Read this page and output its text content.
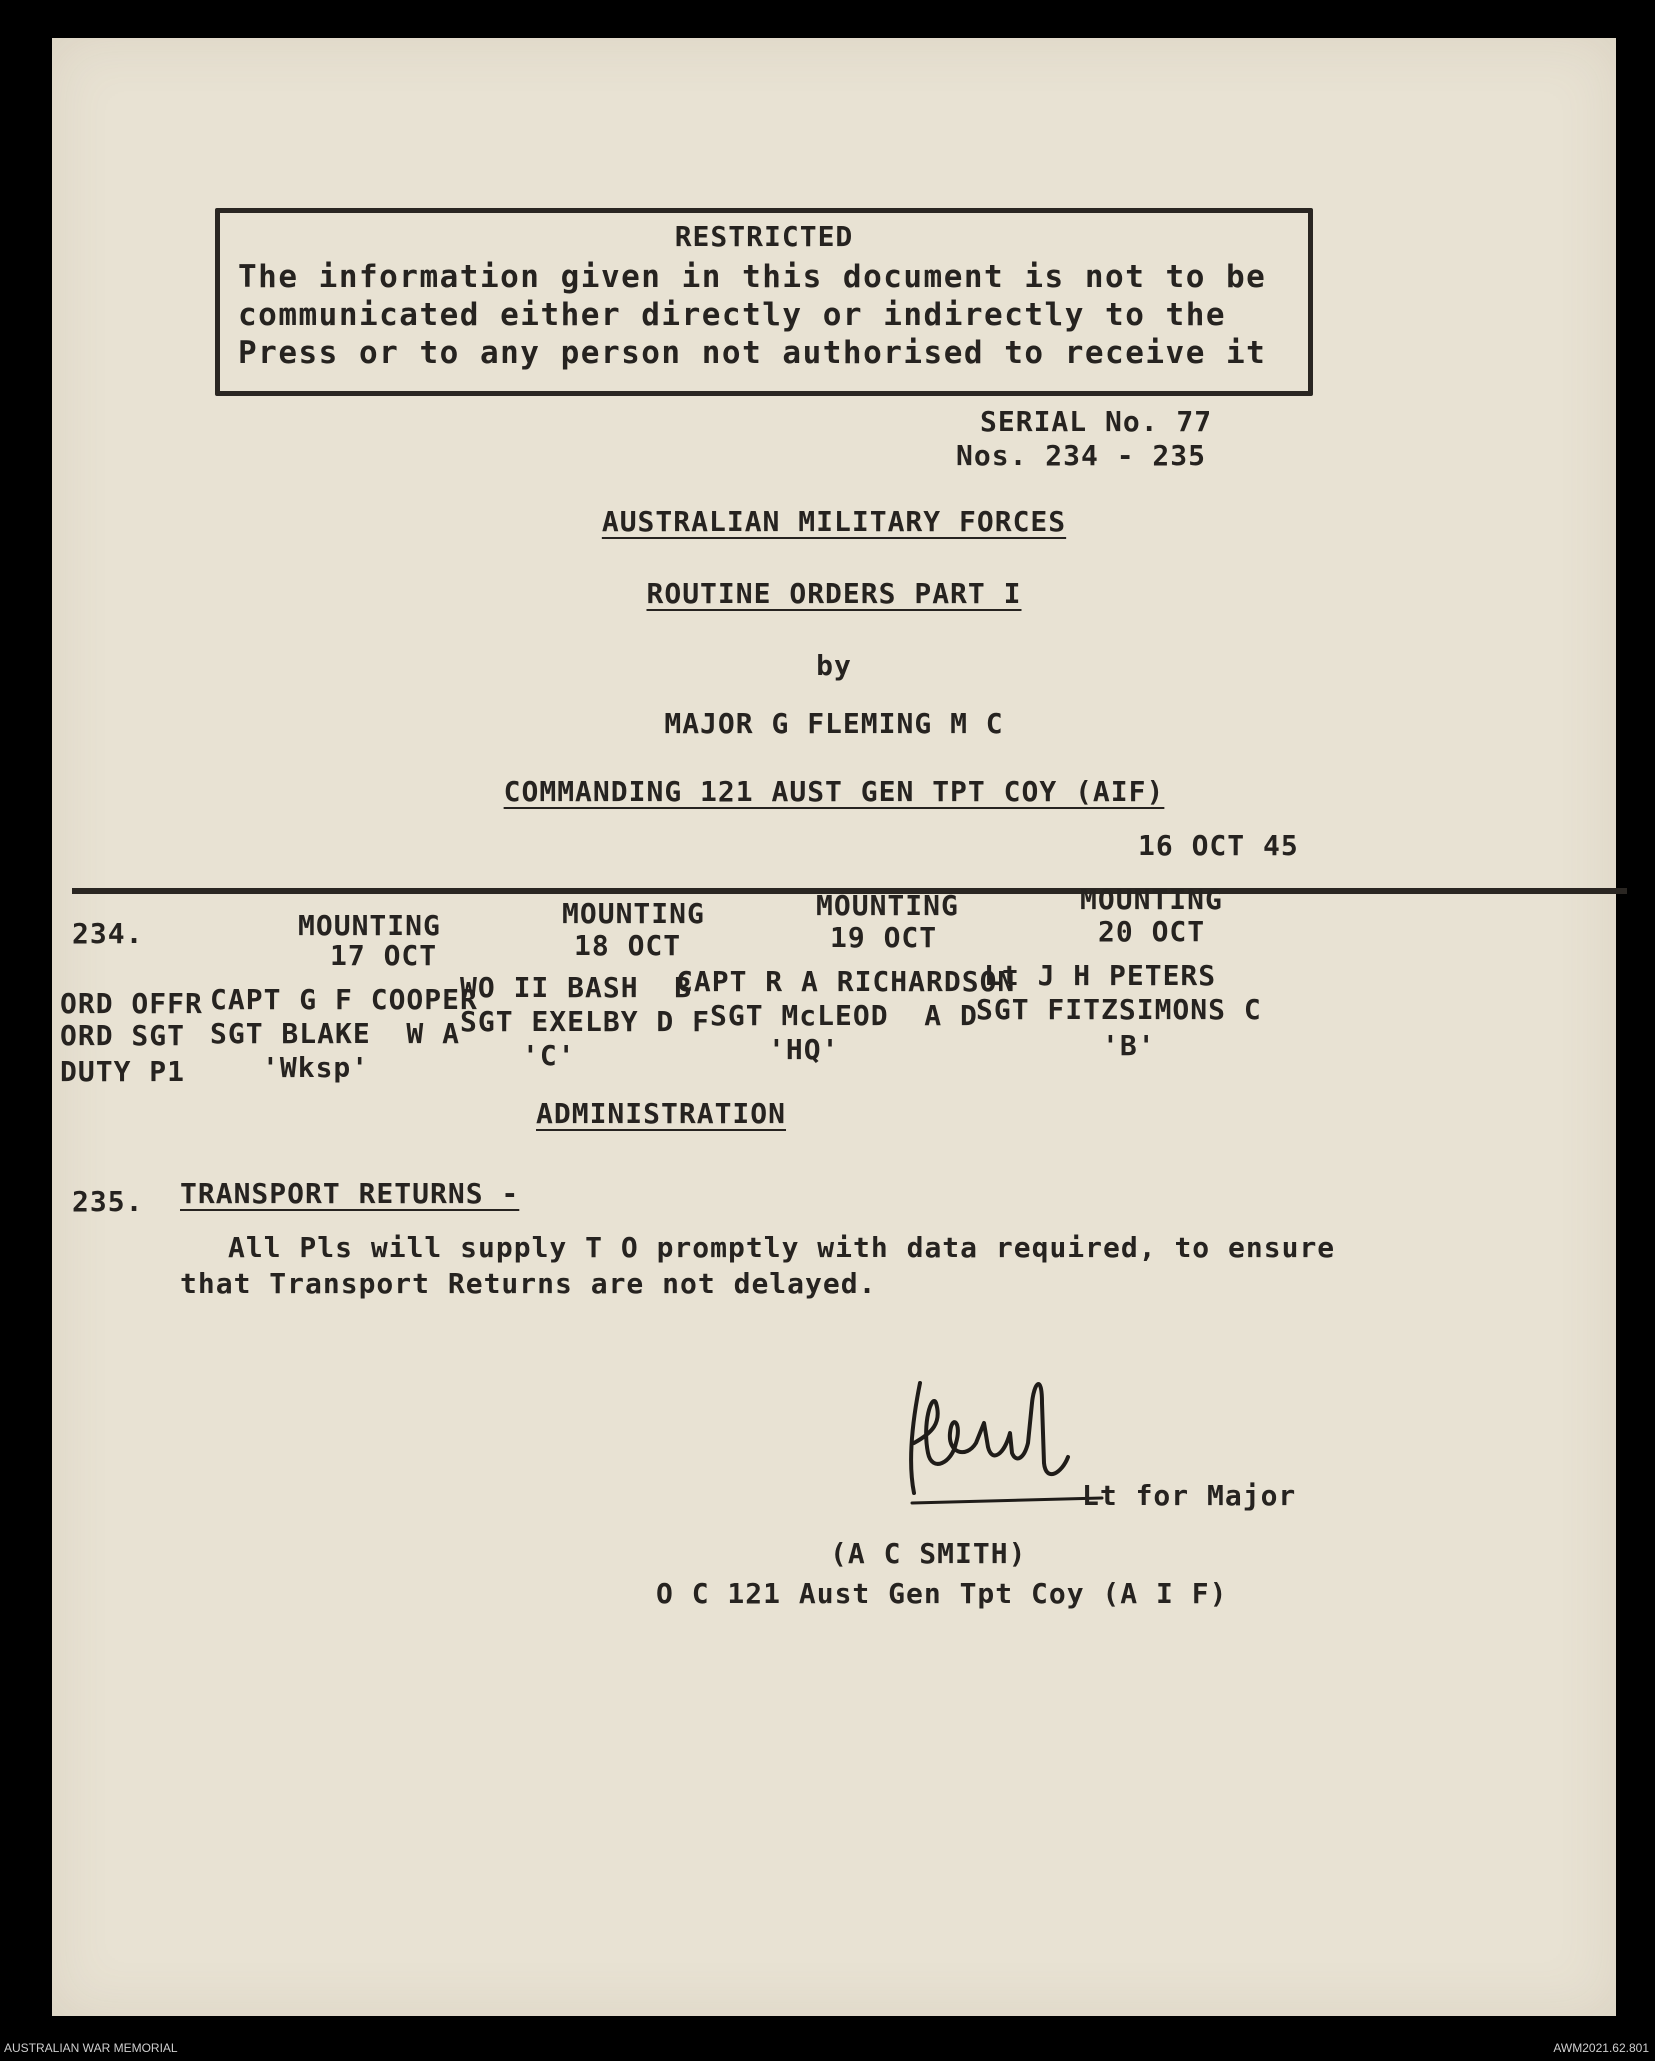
RESTRICTED
The information given in this document is not to be
communicated either directly or indirectly to the
Press or to any person not authorised to receive it
SERIAL No. 77
Nos. 234 - 235
AUSTRALIAN MILITARY FORCES
ROUTINE ORDERS PART I
by
MAJOR G FLEMING M C
COMMANDING 121 AUST GEN TPT COY (AIF)
16 OCT 45
234.	MOUNTING
17 OCT
MOUNTING
18 OCT
MOUNTING
19 OCT
MOUNTING
20 OCT
ORD OFFR
ORD SGT
DUTY P1
CAPT G F COOPER
SGT BLAKE  W A
'Wksp'
WO II BASH  B
SGT EXELBY D F
'C'
CAPT R A RICHARDSON
SGT McLEOD  A D
'HQ'
Lt J H PETERS
SGT FITZSIMONS C
'B'
ADMINISTRATION
235. TRANSPORT RETURNS -
All Pls will supply T O promptly with data required, to ensure
that Transport Returns are not delayed.
Lt for Major
(A C SMITH)
O C 121 Aust Gen Tpt Coy (A I F)
AUSTRALIAN WAR MEMORIAL	AWM2021.62.801
